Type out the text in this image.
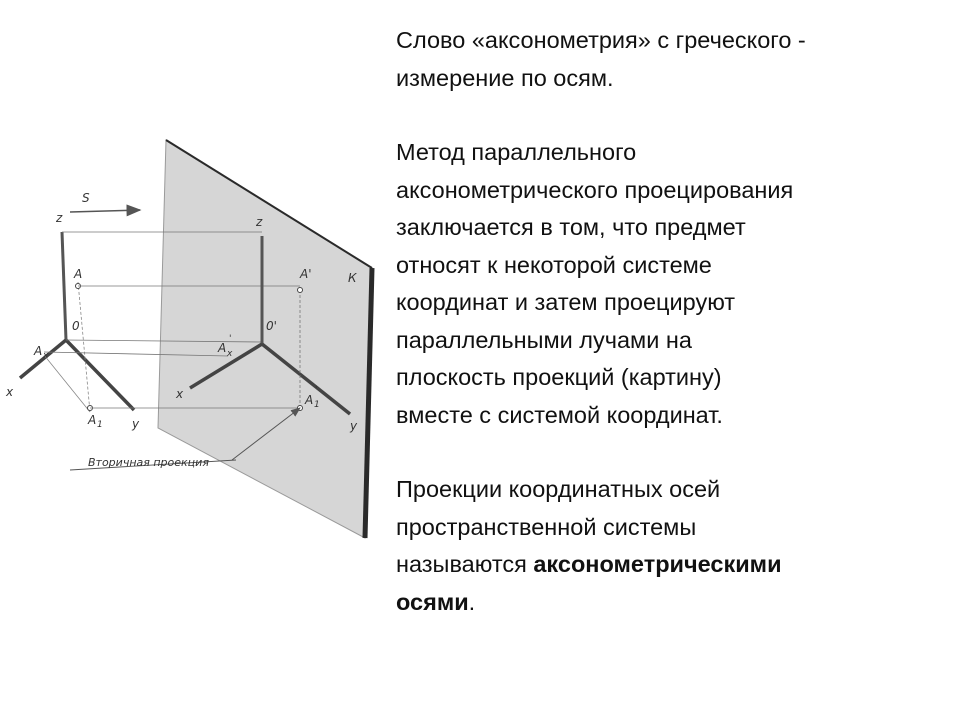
S
z
x
y
0
A
A x
A 1
z
x
y
0'
A'
A x
'
A 1
'
Вторичная проекция
К

Слово «аксонометрия» с греческого -

измерение по осям.

Метод параллельного

аксонометрического проецирования

заключается в том, что предмет

относят к некоторой системе

координат и затем проецируют

параллельными лучами на

плоскость проекций (картину)

вместе с системой координат.

Проекции координатных осей

пространственной системы

называются аксонометрическими

осями.
